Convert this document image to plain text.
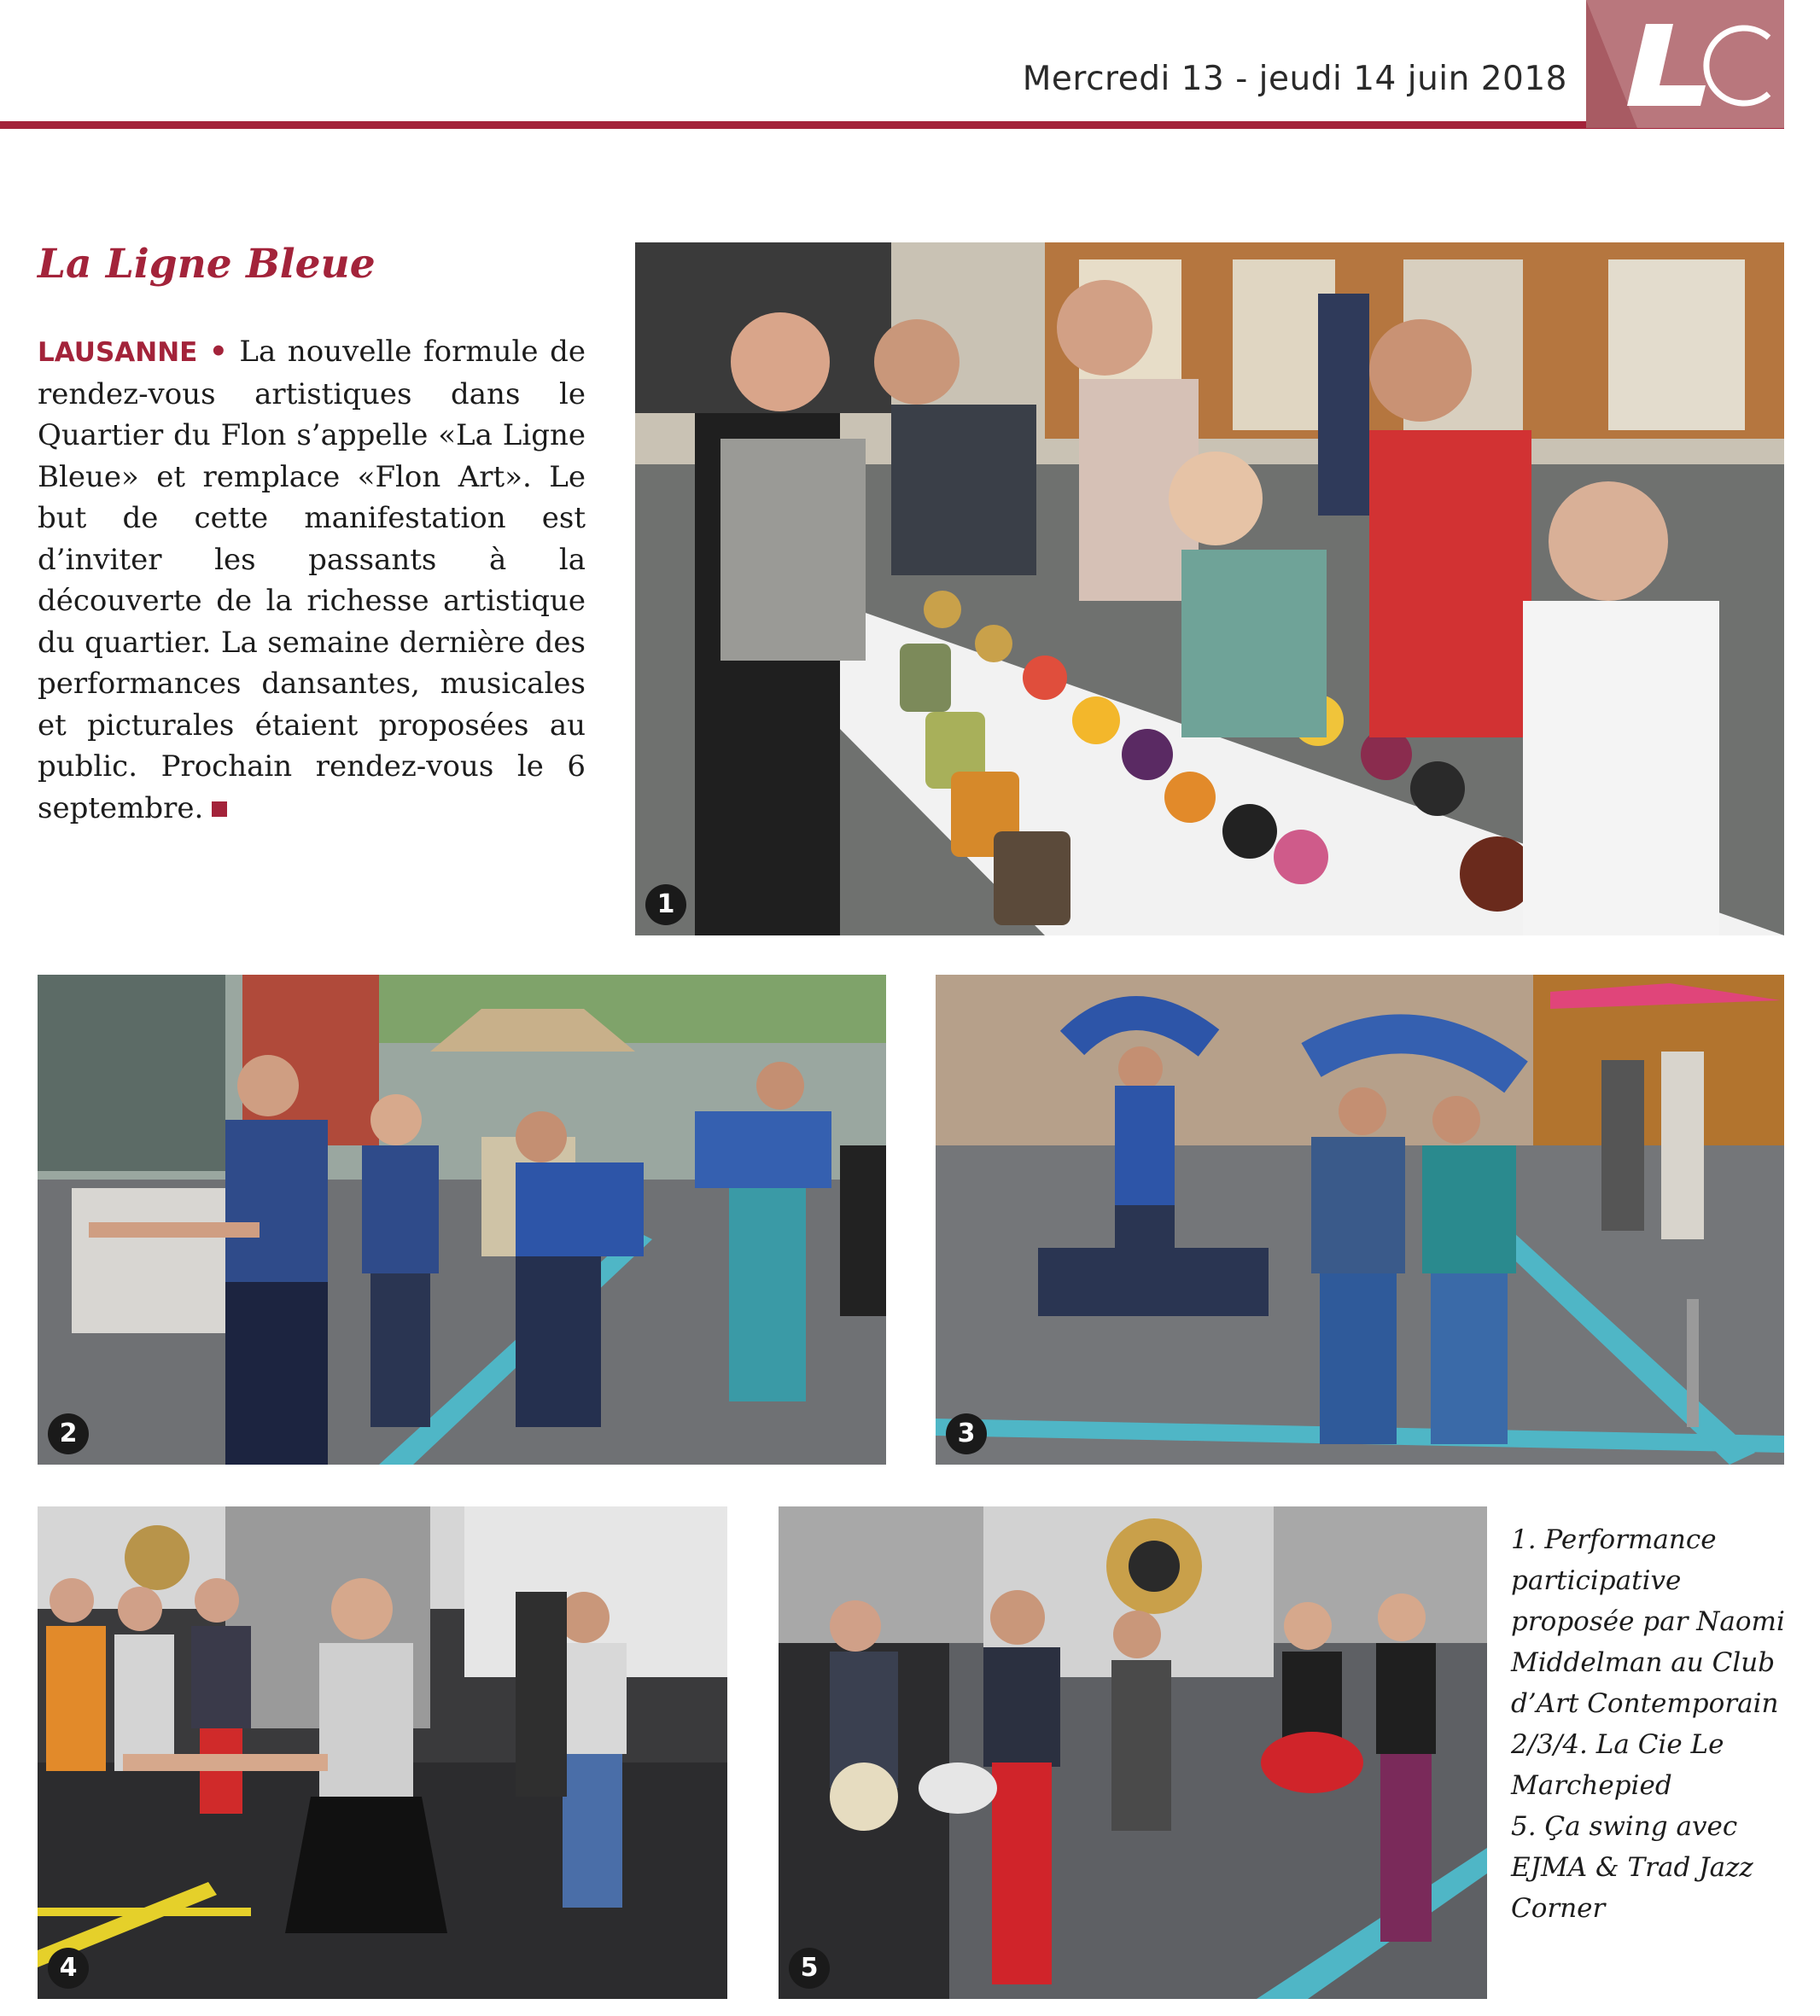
Mercredi 13 - jeudi 14 juin 2018
La Ligne Bleue
LAUSANNE • La nouvelle formule de rendez-vous artistiques dans le Quartier du Flon s’appelle «La Ligne Bleue» et remplace «Flon Art». Le but de cette manifestation est d’inviter les passants à la découverte de la richesse artistique du quartier. La semaine dernière des performances dansantes, musicales et picturales étaient proposées au public. Prochain rendez-vous le 6 septembre.
1
2	3
4	5
1. Performance participative proposée par Naomi Middelman au Club d’Art Contemporain
2/3/4. La Cie Le Marchepied
5. Ça swing avec EJMA & Trad Jazz Corner
